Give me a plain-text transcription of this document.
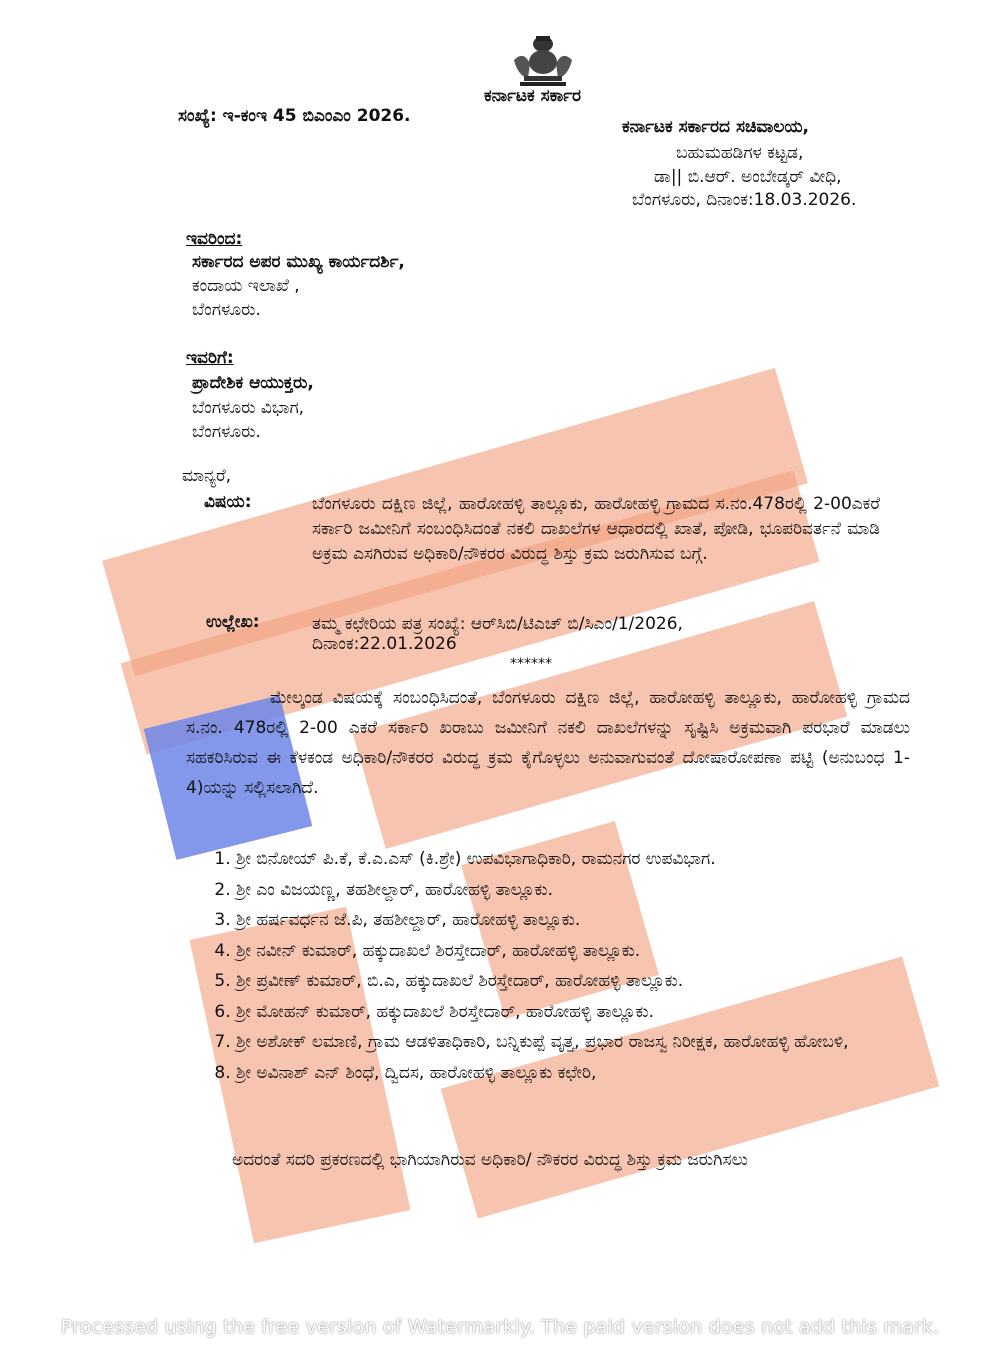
ಕರ್ನಾಟಕ ಸರ್ಕಾರ
ಸಂಖ್ಯೆ: ಇ-ಕಂಇ 45 ಬಿಎಂಎಂ 2026.
ಕರ್ನಾಟಕ ಸರ್ಕಾರದ ಸಚಿವಾಲಯ,
ಬಹುಮಹಡಿಗಳ ಕಟ್ಟಡ,
ಡಾ|| ಬಿ.ಆರ್. ಅಂಬೇಡ್ಕರ್ ವೀಧಿ,
ಬೆಂಗಳೂರು, ದಿನಾಂಕ:18.03.2026.
ಇವರಿಂದ:
ಸರ್ಕಾರದ ಅಪರ ಮುಖ್ಯ ಕಾರ್ಯದರ್ಶಿ,
ಕಂದಾಯ ಇಲಾಖೆ ,
ಬೆಂಗಳೂರು.
ಇವರಿಗೆ:
ಪ್ರಾದೇಶಿಕ ಆಯುಕ್ತರು,
ಬೆಂಗಳೂರು ವಿಭಾಗ,
ಬೆಂಗಳೂರು.
ಮಾನ್ಯರೆ,
ವಿಷಯ:	ಬೆಂಗಳೂರು ದಕ್ಷಿಣ ಜಿಲ್ಲೆ, ಹಾರೋಹಳ್ಳಿ ತಾಲ್ಲೂಕು, ಹಾರೋಹಳ್ಳಿ ಗ್ರಾಮದ ಸ.ನಂ.478ರಲ್ಲಿ 2-00ಎಕರೆ ಸರ್ಕಾರಿ ಜಮೀನಿಗೆ ಸಂಬಂಧಿಸಿದಂತೆ ನಕಲಿ ದಾಖಲೆಗಳ ಆಧಾರದಲ್ಲಿ ಖಾತೆ, ಪೋಡಿ, ಭೂಪರಿವರ್ತನೆ ಮಾಡಿ ಅಕ್ರಮ ಎಸಗಿರುವ ಅಧಿಕಾರಿ/ನೌಕರರ ವಿರುದ್ಧ ಶಿಸ್ತು ಕ್ರಮ ಜರುಗಿಸುವ ಬಗ್ಗೆ.
ಉಲ್ಲೇಖ:	ತಮ್ಮ ಕಛೇರಿಯ ಪತ್ರ ಸಂಖ್ಯೆ: ಆರ್‌ಸಿಬಿ/ಟಿಎಚ್ ಬಿ/ಸಿಎಂ/1/2026,
ದಿನಾಂಕ:22.01.2026
******
ಮೇಲ್ಕಂಡ ವಿಷಯಕ್ಕೆ ಸಂಬಂಧಿಸಿದಂತೆ, ಬೆಂಗಳೂರು ದಕ್ಷಿಣ ಜಿಲ್ಲೆ, ಹಾರೋಹಳ್ಳಿ ತಾಲ್ಲೂಕು, ಹಾರೋಹಳ್ಳಿ ಗ್ರಾಮದ ಸ.ನಂ. 478ರಲ್ಲಿ 2-00 ಎಕರೆ ಸರ್ಕಾರಿ ಖರಾಬು ಜಮೀನಿಗೆ ನಕಲಿ ದಾಖಲೆಗಳನ್ನು ಸೃಷ್ಟಿಸಿ ಅಕ್ರಮವಾಗಿ ಪರಭಾರೆ ಮಾಡಲು ಸಹಕರಿಸಿರುವ ಈ ಕೆಳಕಂಡ ಅಧಿಕಾರಿ/ನೌಕರರ ವಿರುದ್ಧ ಕ್ರಮ ಕೈಗೊಳ್ಳಲು ಅನುವಾಗುವಂತೆ ದೋಷಾರೋಪಣಾ ಪಟ್ಟಿ (ಅನುಬಂಧ 1-4)ಯನ್ನು ಸಲ್ಲಿಸಲಾಗಿದೆ.
1. ಶ್ರೀ ಬಿನೋಯ್ ಪಿ.ಕೆ, ಕೆ.ಎ.ಎಸ್ (ಕಿ.ಶ್ರೇ) ಉಪವಿಭಾಗಾಧಿಕಾರಿ, ರಾಮನಗರ ಉಪವಿಭಾಗ.
2. ಶ್ರೀ ಎಂ ವಿಜಯಣ್ಣ, ತಹಶೀಲ್ದಾರ್, ಹಾರೋಹಳ್ಳಿ ತಾಲ್ಲೂಕು.
3. ಶ್ರೀ ಹರ್ಷವರ್ಧನ ಜೆ.ಪಿ, ತಹಶೀಲ್ದಾರ್, ಹಾರೋಹಳ್ಳಿ ತಾಲ್ಲೂಕು.
4. ಶ್ರೀ ನವೀನ್ ಕುಮಾರ್, ಹಕ್ಕುದಾಖಲೆ ಶಿರಸ್ತೇದಾರ್, ಹಾರೋಹಳ್ಳಿ ತಾಲ್ಲೂಕು.
5. ಶ್ರೀ ಪ್ರವೀಣ್ ಕುಮಾರ್, ಬಿ.ಎ, ಹಕ್ಕುದಾಖಲೆ ಶಿರಸ್ತೇದಾರ್, ಹಾರೋಹಳ್ಳಿ ತಾಲ್ಲೂಕು.
6. ಶ್ರೀ ಮೋಹನ್ ಕುಮಾರ್, ಹಕ್ಕುದಾಖಲೆ ಶಿರಸ್ತೇದಾರ್, ಹಾರೋಹಳ್ಳಿ ತಾಲ್ಲೂಕು.
7. ಶ್ರೀ ಅಶೋಕ್ ಲಮಾಣಿ, ಗ್ರಾಮ ಆಡಳಿತಾಧಿಕಾರಿ, ಬನ್ನಿಕುಪ್ಪೆ ವೃತ್ತ, ಪ್ರಭಾರ ರಾಜಸ್ವ ನಿರೀಕ್ಷಕ, ಹಾರೋಹಳ್ಳಿ ಹೋಬಳಿ,
8. ಶ್ರೀ ಅವಿನಾಶ್ ಎನ್ ಶಿಂಧೆ, ದ್ವಿದಸ, ಹಾರೋಹಳ್ಳಿ ತಾಲ್ಲೂಕು ಕಛೇರಿ,
ಅದರಂತೆ ಸದರಿ ಪ್ರಕರಣದಲ್ಲಿ ಭಾಗಿಯಾಗಿರುವ ಅಧಿಕಾರಿ/ ನೌಕರರ ವಿರುದ್ಧ ಶಿಸ್ತು ಕ್ರಮ ಜರುಗಿಸಲು
Processed using the free version of Watermarkly. The paid version does not add this mark.
